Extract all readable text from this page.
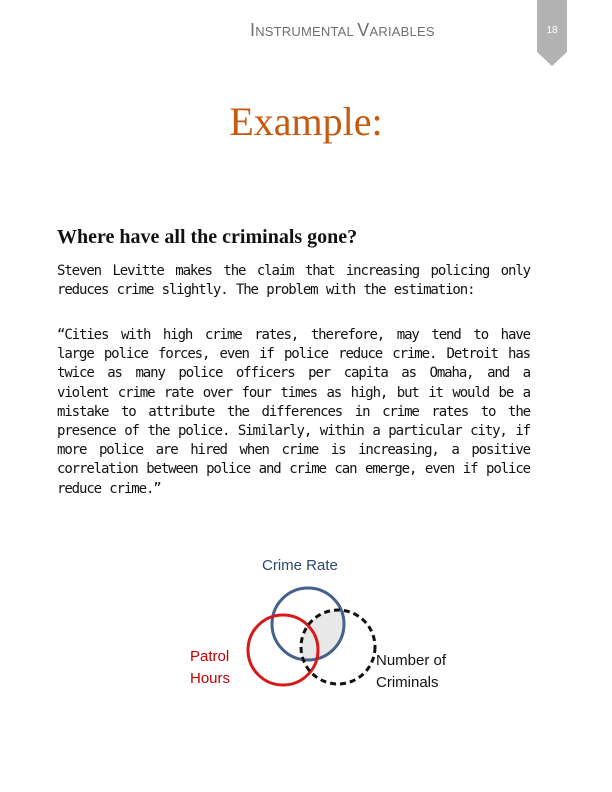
INSTRUMENTAL VARIABLES	18
Example:
Where have all the criminals gone?

Steven Levitte makes the claim that increasing policing only reduces crime slightly. The problem with the estimation:

“Cities with high crime rates, therefore, may tend to have large police forces, even if police reduce crime. Detroit has twice as many police officers per capita as Omaha, and a violent crime rate over four times as high, but it would be a mistake to attribute the differences in crime rates to the presence of the police. Similarly, within a particular city, if more police are hired when crime is increasing, a positive correlation between police and crime can emerge, even if police reduce crime.”

Crime Rate
Patrol
Hours
Number of
Criminals
